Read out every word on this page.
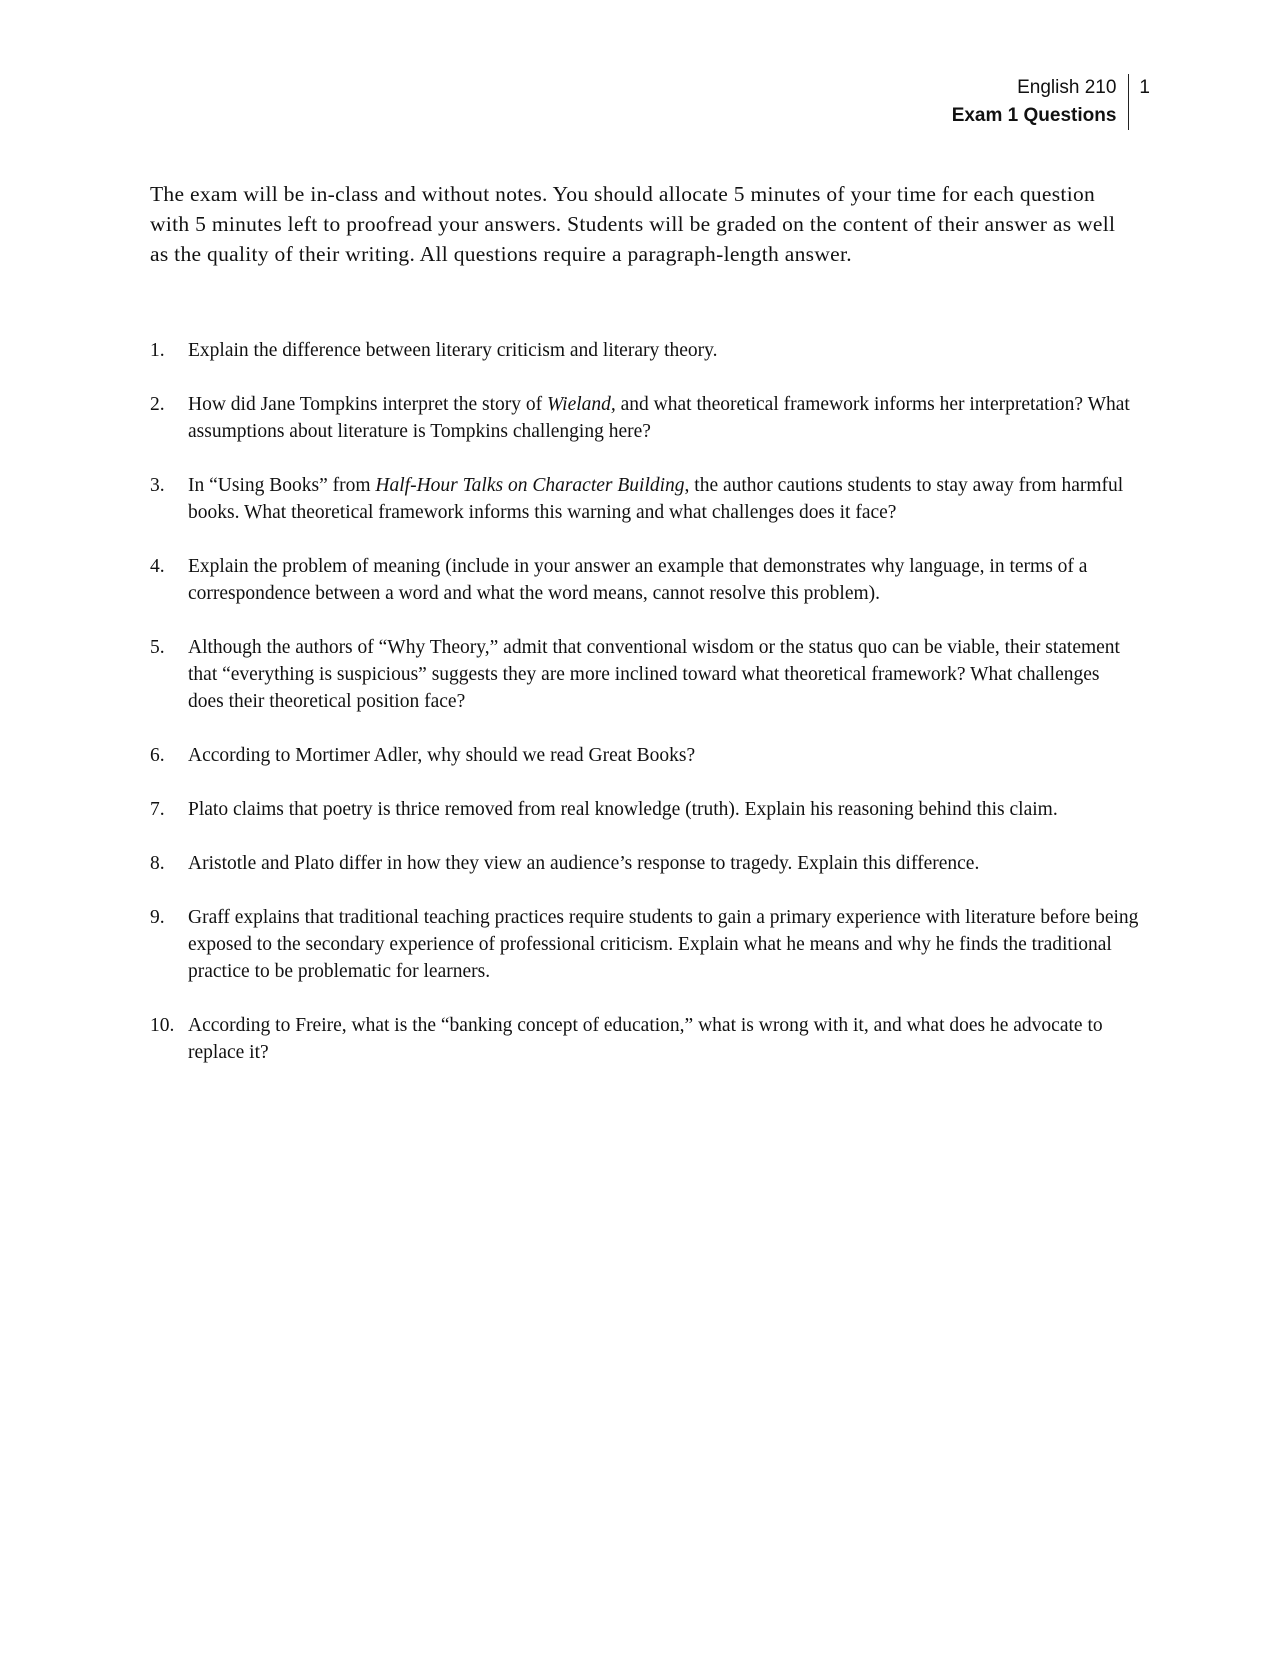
English 210
Exam 1 Questions
1

The exam will be in-class and without notes. You should allocate 5 minutes of your time for each question with 5 minutes left to proofread your answers. Students will be graded on the content of their answer as well as the quality of their writing. All questions require a paragraph-length answer.

1.	Explain the difference between literary criticism and literary theory.
2.	How did Jane Tompkins interpret the story of Wieland, and what theoretical framework informs her interpretation? What assumptions about literature is Tompkins challenging here?
3.	In “Using Books” from Half-Hour Talks on Character Building, the author cautions students to stay away from harmful books. What theoretical framework informs this warning and what challenges does it face?
4.	Explain the problem of meaning (include in your answer an example that demonstrates why language, in terms of a correspondence between a word and what the word means, cannot resolve this problem).
5.	Although the authors of “Why Theory,” admit that conventional wisdom or the status quo can be viable, their statement that “everything is suspicious” suggests they are more inclined toward what theoretical framework? What challenges does their theoretical position face?
6.	According to Mortimer Adler, why should we read Great Books?
7.	Plato claims that poetry is thrice removed from real knowledge (truth). Explain his reasoning behind this claim.
8.	Aristotle and Plato differ in how they view an audience’s response to tragedy. Explain this difference.
9.	Graff explains that traditional teaching practices require students to gain a primary experience with literature before being exposed to the secondary experience of professional criticism. Explain what he means and why he finds the traditional practice to be problematic for learners.
10. According to Freire, what is the “banking concept of education,” what is wrong with it, and what does he advocate to replace it?
